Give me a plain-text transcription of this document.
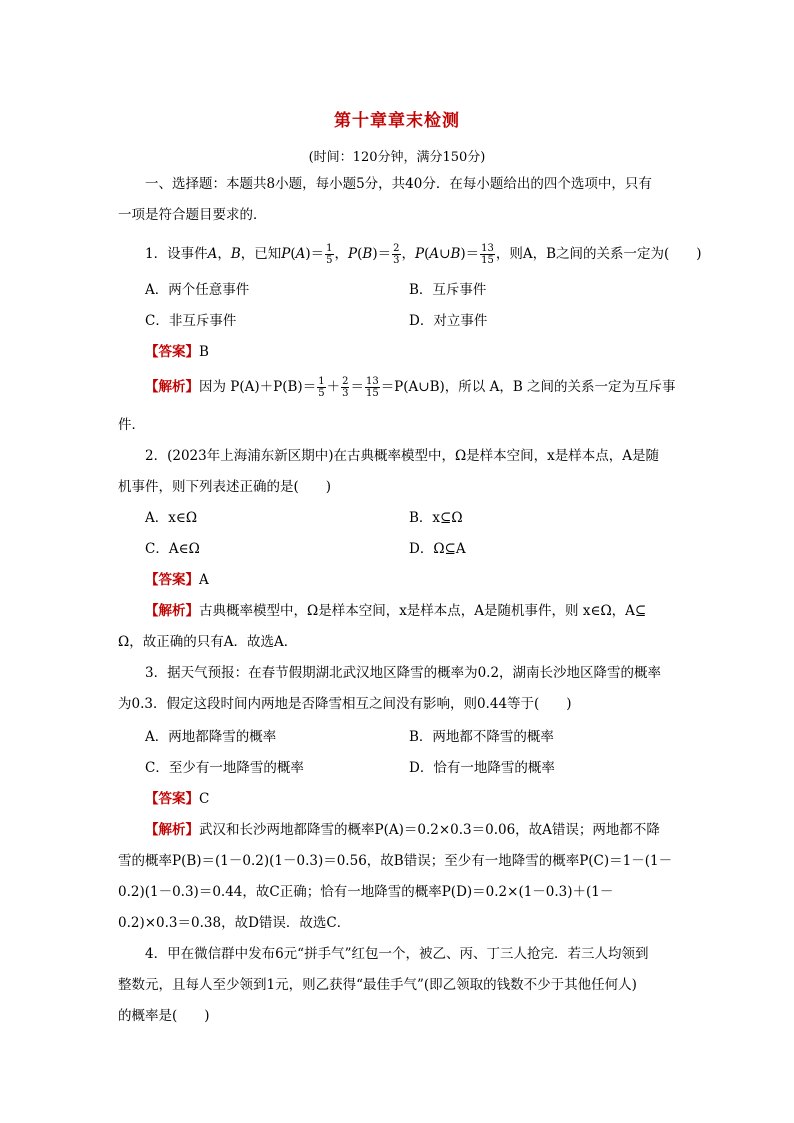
第十章章末检测
(时间：120分钟，满分150分)
一、选择题：本题共8小题，每小题5分，共40分．在每小题给出的四个选项中，只有
一项是符合题目要求的．
1．设事件A，B，已知$P(A)= \frac{1}{5}$ ，$P(B)= \frac{2}{3}$ ，P(A∪B)＝ $\frac{13}{15}$ ，则A，B之间的关系一定为(　　)
A．两个任意事件	B．互斥事件
C．非互斥事件	D．对立事件
【答案】B
【解析】因为 $P(A)+P(B)= \frac{1}{5} + \frac{2}{3} = \frac{13}{15}$ ＝P(A∪B)，所以 A，B 之间的关系一定为互斥事
件．
2．(2023年上海浦东新区期中)在古典概率模型中，Ω是样本空间，x是样本点，A是随
机事件，则下列表述正确的是(　　)
A．x∈Ω	B．x⊆Ω
C．A∈Ω	D．Ω⊆A
【答案】A
【解析】古典概率模型中，Ω是样本空间，x是样本点，A是随机事件，则 x∈Ω，A⊆
Ω，故正确的只有A．故选A．
3．据天气预报：在春节假期湖北武汉地区降雪的概率为0.2，湖南长沙地区降雪的概率
为0.3．假定这段时间内两地是否降雪相互之间没有影响，则0.44等于(　　)
A．两地都降雪的概率	B．两地都不降雪的概率
C．至少有一地降雪的概率	D．恰有一地降雪的概率
【答案】C
【解析】武汉和长沙两地都降雪的概率P(A)＝0.2×0.3＝0.06，故A错误；两地都不降
雪的概率P(B)＝(1－0.2)(1－0.3)＝0.56，故B错误；至少有一地降雪的概率P(C)＝1－(1－
0.2)(1－0.3)＝0.44，故C正确；恰有一地降雪的概率P(D)＝0.2×(1－0.3)＋(1－
0.2)×0.3＝0.38，故D错误．故选C．
4．甲在微信群中发布6元“拼手气”红包一个，被乙、丙、丁三人抢完．若三人均领到
整数元，且每人至少领到1元，则乙获得“最佳手气”(即乙领取的钱数不少于其他任何人)
的概率是(　　)
